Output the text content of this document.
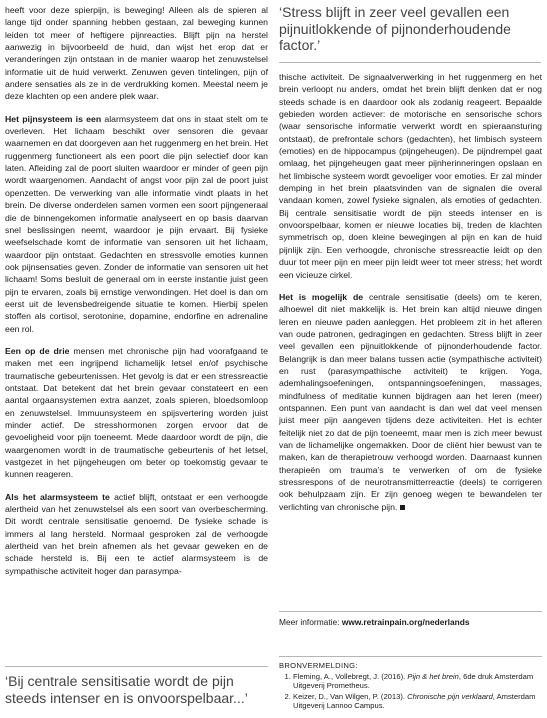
heeft voor deze spierpijn, is beweging! Alleen als de spieren al lange tijd onder spanning hebben gestaan, zal beweging kunnen leiden tot meer of heftigere pijnreacties. Blijft pijn na herstel aanwezig in bijvoorbeeld de huid, dan wijst het erop dat er veranderingen zijn ontstaan in de manier waarop het zenuwstelsel informatie uit de huid verwerkt. Zenuwen geven tintelingen, pijn of andere sensaties als ze in de verdrukking komen. Meestal neem je deze klachten op een andere plek waar.

Het pijnsysteem is een alarmsysteem dat ons in staat stelt om te overleven. Het lichaam beschikt over sensoren die gevaar waarnemen en dat doorgeven aan het ruggenmerg en het brein. Het ruggenmerg functioneert als een poort die pijn selectief door kan laten. Afleiding zal de poort sluiten waardoor er minder of geen pijn wordt waargenomen. Aandacht of angst voor pijn zal de poort juist openzetten. De verwerking van alle informatie vindt plaats in het brein. De diverse onderdelen samen vormen een soort pijngeneraal die de binnengekomen informatie analyseert en op basis daarvan snel beslissingen neemt, waardoor je pijn ervaart. Bij fysieke weefselschade komt de informatie van sensoren uit het lichaam, waardoor pijn ontstaat. Gedachten en stressvolle emoties kunnen ook pijnsensaties geven. Zonder de informatie van sensoren uit het lichaam! Soms besluit de generaal om in eerste instantie juist geen pijn te ervaren, zoals bij ernstige verwondingen. Het doel is dan om eerst uit de levensbedreigende situatie te komen. Hierbij spelen stoffen als cortisol, serotonine, dopamine, endorfine en adrenaline een rol.

Een op de drie mensen met chronische pijn had voorafgaand te maken met een ingrijpend lichamelijk letsel en/of psychische traumatische gebeurtenissen. Het gevolg is dat er een stressreactie ontstaat. Dat betekent dat het brein gevaar constateert en een aantal orgaansystemen extra aanzet, zoals spieren, bloedsomloop en zenuwstelsel. Immuunsysteem en spijsvertering worden juist minder actief. De stresshormonen zorgen ervoor dat de gevoeligheid voor pijn toeneemt. Mede daardoor wordt de pijn, die waargenomen wordt in de traumatische gebeurtenis of het letsel, vastgezet in het pijngeheugen om beter op toekomstig gevaar te kunnen reageren.

Als het alarmsysteem te actief blijft, ontstaat er een verhoogde alertheid van het zenuwstelsel als een soort van overbescherming. Dit wordt centrale sensitisatie genoemd. De fysieke schade is immers al lang hersteld. Normaal gesproken zal de verhoogde alertheid van het brein afnemen als het gevaar geweken en de schade hersteld is. Bij een te actief alarmsysteem is de sympathische activiteit hoger dan parasympa-

‘Stress blijft in zeer veel gevallen een pijnuitlokkende of pijnonderhoudende factor.’

thische activiteit. De signaalverwerking in het ruggenmerg en het brein verloopt nu anders, omdat het brein blijft denken dat er nog steeds schade is en daardoor ook als zodanig reageert. Bepaalde gebieden worden actiever: de motorische en sensorische schors (waar sensorische informatie verwerkt wordt en spieraansturing ontstaat), de prefrontale schors (gedachten), het limbisch systeem (emoties) en de hippocampus (pijngeheugen). De pijndrempel gaat omlaag, het pijngeheugen gaat meer pijnherinneringen opslaan en het limbische systeem wordt gevoeliger voor emoties. Er zal minder demping in het brein plaatsvinden van de signalen die overal vandaan komen, zowel fysieke signalen, als emoties of gedachten. Bij centrale sensitisatie wordt de pijn steeds intenser en is onvoorspelbaar, komen er nieuwe locaties bij, treden de klachten symmetrisch op, doen kleine bewegingen al pijn en kan de huid pijnlijk zijn. Een verhoogde, chronische stressreactie leidt op den duur tot meer pijn en meer pijn leidt weer tot meer stress; het wordt een vicieuze cirkel.

Het is mogelijk de centrale sensitisatie (deels) om te keren, alhoewel dit niet makkelijk is. Het brein kan altijd nieuwe dingen leren en nieuwe paden aanleggen. Het probleem zit in het afleren van oude patronen, gedragingen en gedachten. Stress blijft in zeer veel gevallen een pijnuitlokkende of pijnonderhoudende factor. Belangrijk is dan meer balans tussen actie (sympathische activiteit) en rust (parasympathische activiteit) te krijgen. Yoga, ademhalingsoefeningen, ontspanningsoefeningen, massages, mindfulness of meditatie kunnen bijdragen aan het leren (meer) ontspannen. Een punt van aandacht is dan wel dat veel mensen juist meer pijn aangeven tijdens deze activiteiten. Het is echter feitelijk niet zo dat de pijn toeneemt, maar men is zich meer bewust van de lichamelijke ongemakken. Door de cliënt hier bewust van te maken, kan de therapietrouw verhoogd worden. Daarnaast kunnen therapieën om trauma’s te verwerken of om de fysieke stressrespons of de neurotransmitterreactie (deels) te corrigeren ook behulpzaam zijn. Er zijn genoeg wegen te bewandelen ter verlichting van chronische pijn.

‘Bij centrale sensitisatie wordt de pijn steeds intenser en is onvoorspelbaar...’
Meer informatie: www.retrainpain.org/nederlands
BRONVERMELDING:
1. Fleming, A., Vollebregt, J. (2016). Pijn & het brein, 6de druk Amsterdam Uitgeverij Prometheus.
2. Keizer, D., Van Wilgen, P. (2013). Chronische pijn verklaard, Amsterdam Uitgeverij Lannoo Campus.
